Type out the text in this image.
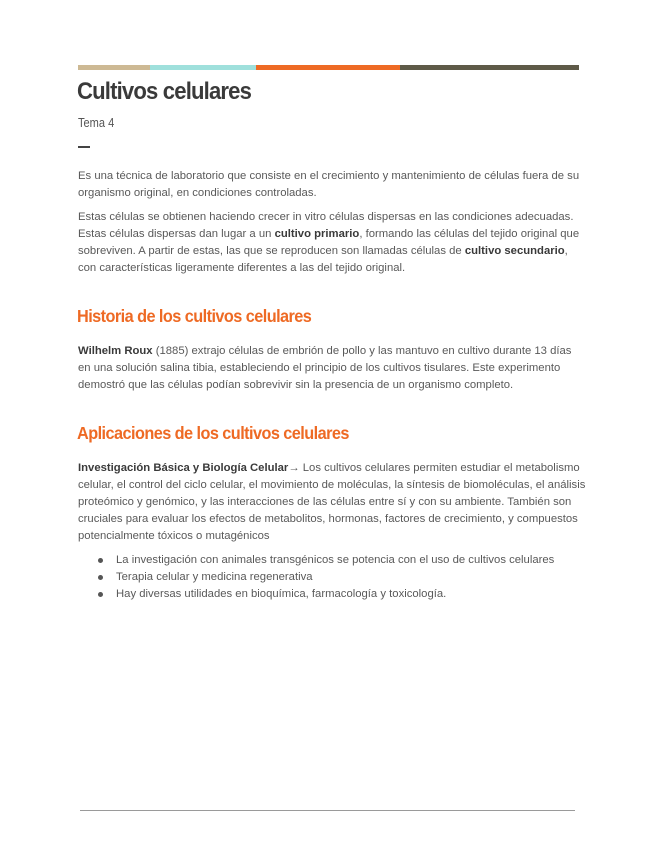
Cultivos celulares
Tema 4

Es una técnica de laboratorio que consiste en el crecimiento y mantenimiento de células fuera de su organismo original, en condiciones controladas.

Estas células se obtienen haciendo crecer in vitro células dispersas en las condiciones adecuadas. Estas células dispersas dan lugar a un cultivo primario, formando las células del tejido original que sobreviven. A partir de estas, las que se reproducen son llamadas células de cultivo secundario, con características ligeramente diferentes a las del tejido original.

Historia de los cultivos celulares

Wilhelm Roux (1885) extrajo células de embrión de pollo y las mantuvo en cultivo durante 13 días en una solución salina tibia, estableciendo el principio de los cultivos tisulares. Este experimento demostró que las células podían sobrevivir sin la presencia de un organismo completo.

Aplicaciones de los cultivos celulares

Investigación Básica y Biología Celular→ Los cultivos celulares permiten estudiar el metabolismo celular, el control del ciclo celular, el movimiento de moléculas, la síntesis de biomoléculas, el análisis proteómico y genómico, y las interacciones de las células entre sí y con su ambiente. También son cruciales para evaluar los efectos de metabolitos, hormonas, factores de crecimiento, y compuestos potencialmente tóxicos o mutagénicos

La investigación con animales transgénicos se potencia con el uso de cultivos celulares
Terapia celular y medicina regenerativa
Hay diversas utilidades en bioquímica, farmacología y toxicología.
